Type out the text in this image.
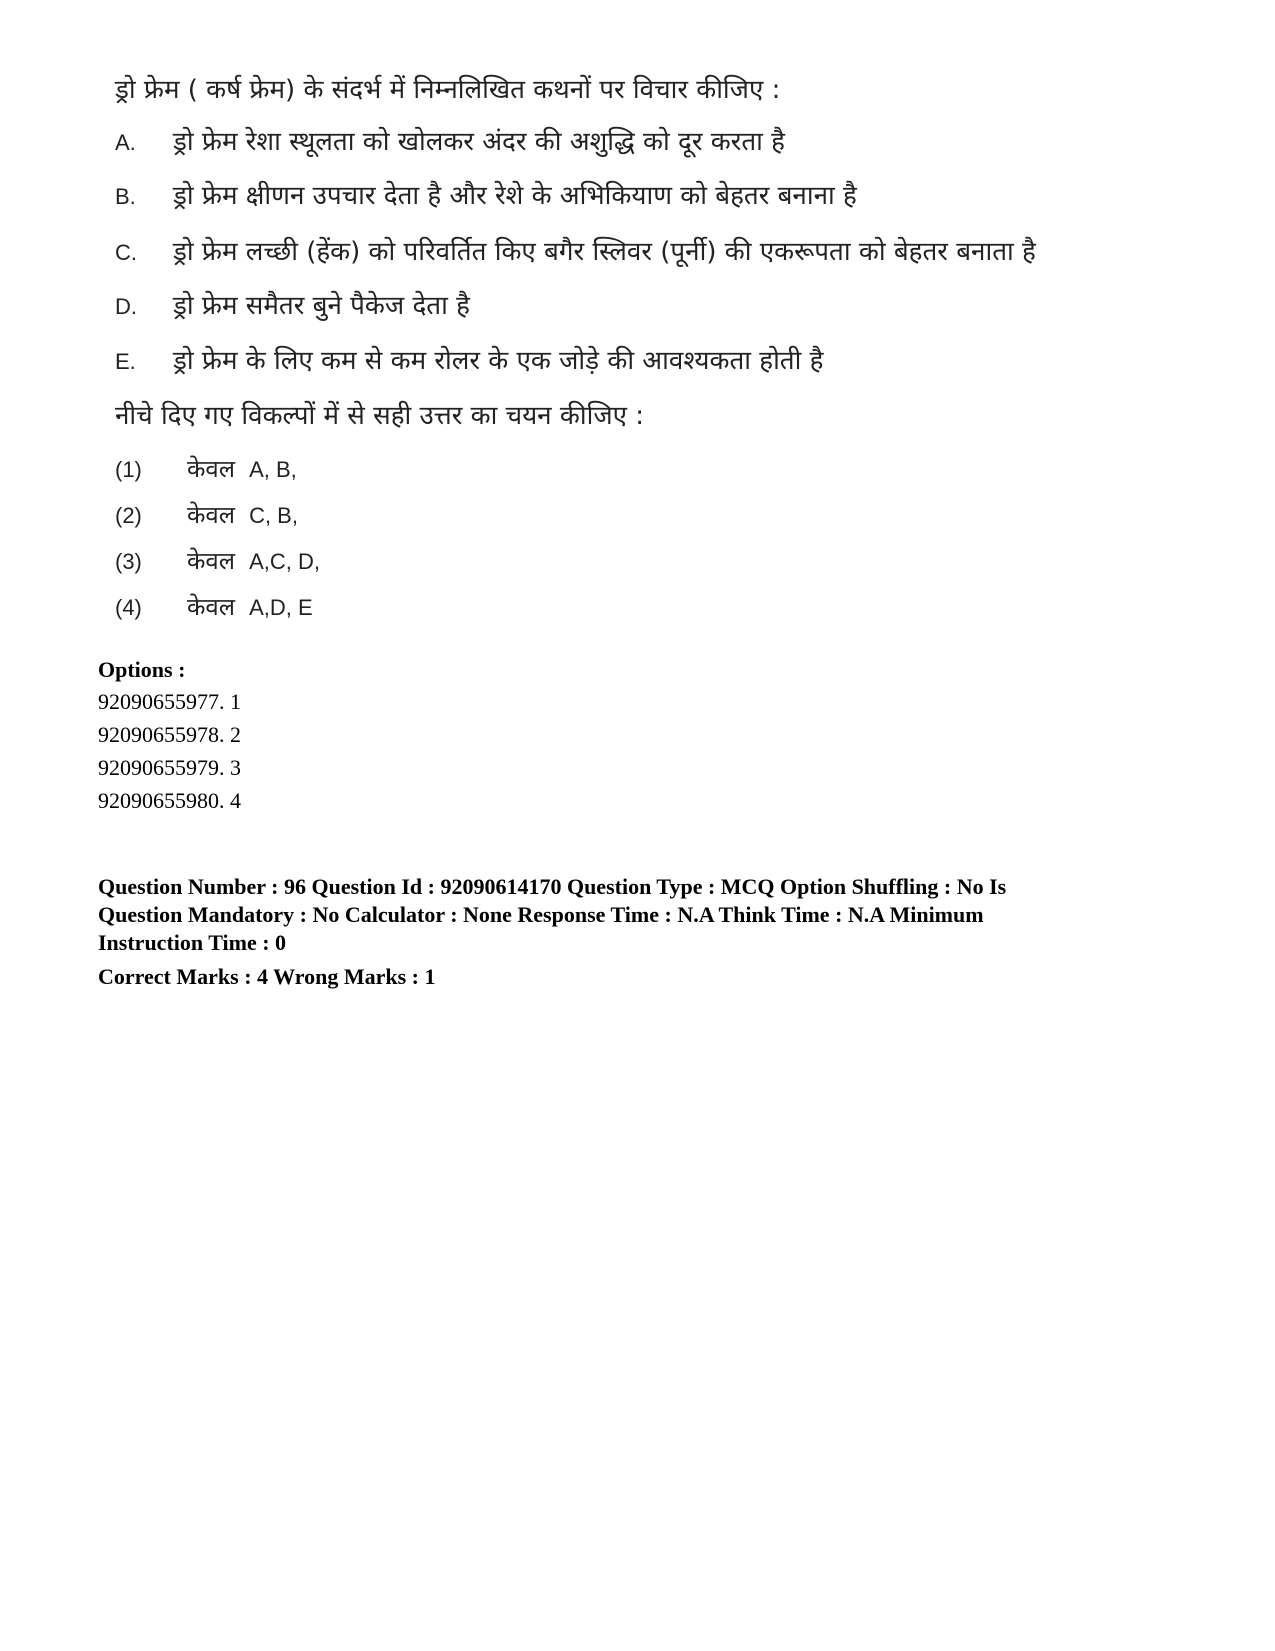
ड्रो फ्रेम ( कर्ष फ्रेम) के संदर्भ में निम्नलिखित कथनों पर विचार कीजिए :
A.	ड्रो फ्रेम रेशा स्थूलता को खोलकर अंदर की अशुद्धि को दूर करता है
B.	ड्रो फ्रेम क्षीणन उपचार देता है और रेशे के अभिकियाण को बेहतर बनाना है
C.	ड्रो फ्रेम लच्छी (हेंक) को परिवर्तित किए बगैर स्लिवर (पूर्नी) की एकरूपता को बेहतर बनाता है
D.	ड्रो फ्रेम समैतर बुने पैकेज देता है
E.	ड्रो फ्रेम के लिए कम से कम रोलर के एक जोड़े की आवश्यकता होती है
नीचे दिए गए विकल्पों में से सही उत्तर का चयन कीजिए :
(1)	केवल A, B,
(2)	केवल C, B,
(3)	केवल A,C, D,
(4)	केवल A,D, E
Options :
92090655977. 1
92090655978. 2
92090655979. 3
92090655980. 4
Question Number : 96 Question Id : 92090614170 Question Type : MCQ Option Shuffling : No Is
Question Mandatory : No Calculator : None Response Time : N.A Think Time : N.A Minimum
Instruction Time : 0
Correct Marks : 4 Wrong Marks : 1
